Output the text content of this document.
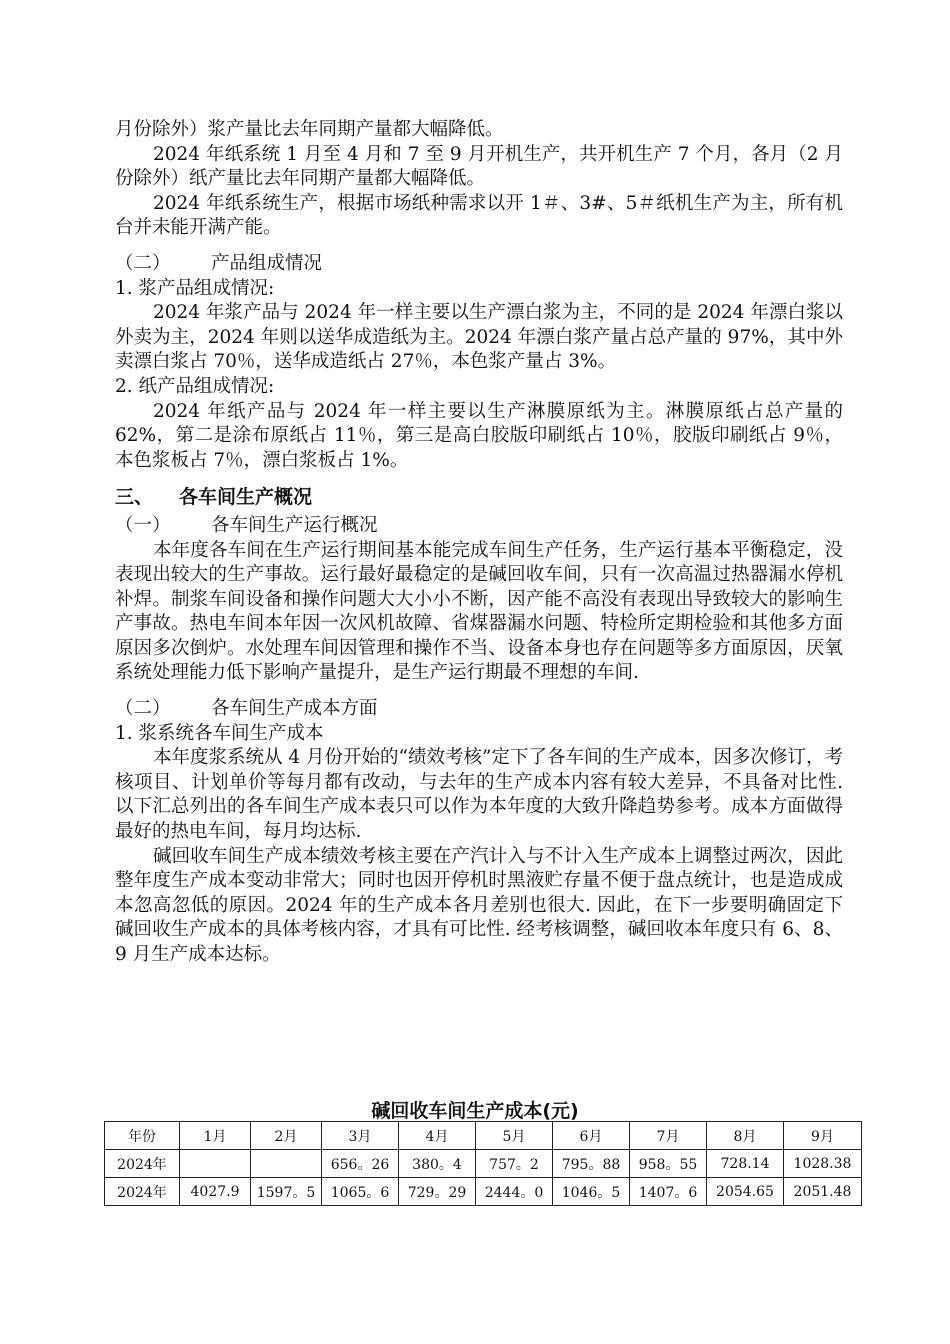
月份除外）浆产量比去年同期产量都大幅降低。

2024 年纸系统 1 月至 4 月和 7 至 9 月开机生产，共开机生产 7 个月，各月（2 月份除外）纸产量比去年同期产量都大幅降低。

2024 年纸系统生产，根据市场纸种需求以开 1＃、3#、5＃纸机生产为主，所有机台并未能开满产能。

（二） 产品组成情况

1. 浆产品组成情况:

2024 年浆产品与 2024 年一样主要以生产漂白浆为主，不同的是 2024 年漂白浆以外卖为主，2024 年则以送华成造纸为主。2024 年漂白浆产量占总产量的 97%，其中外卖漂白浆占 70％，送华成造纸占 27％，本色浆产量占 3%。

2. 纸产品组成情况:

2024 年纸产品与 2024 年一样主要以生产淋膜原纸为主。淋膜原纸占总产量的 62%，第二是涂布原纸占 11％，第三是高白胶版印刷纸占 10％，胶版印刷纸占 9％，本色浆板占 7％，漂白浆板占 1%。

三、 各车间生产概况

（一） 各车间生产运行概况

本年度各车间在生产运行期间基本能完成车间生产任务，生产运行基本平衡稳定，没表现出较大的生产事故。运行最好最稳定的是碱回收车间，只有一次高温过热器漏水停机补焊。制浆车间设备和操作问题大大小小不断，因产能不高没有表现出导致较大的影响生产事故。热电车间本年因一次风机故障、省煤器漏水问题、特检所定期检验和其他多方面原因多次倒炉。水处理车间因管理和操作不当、设备本身也存在问题等多方面原因，厌氧系统处理能力低下影响产量提升，是生产运行期最不理想的车间.

（二） 各车间生产成本方面

1. 浆系统各车间生产成本

本年度浆系统从 4 月份开始的“绩效考核”定下了各车间的生产成本，因多次修订，考核项目、计划单价等每月都有改动，与去年的生产成本内容有较大差异，不具备对比性. 以下汇总列出的各车间生产成本表只可以作为本年度的大致升降趋势参考。成本方面做得最好的热电车间，每月均达标.

碱回收车间生产成本绩效考核主要在产汽计入与不计入生产成本上调整过两次，因此整年度生产成本变动非常大；同时也因开停机时黑液贮存量不便于盘点统计，也是造成成本忽高忽低的原因。2024 年的生产成本各月差别也很大. 因此，在下一步要明确固定下碱回收生产成本的具体考核内容，才具有可比性. 经考核调整，碱回收本年度只有 6、8、9 月生产成本达标。

碱回收车间生产成本(元)
年份	1月	2月	3月	4月	5月	6月	7月	8月	9月
2024年			656。26	380。4	757。2	795。88	958。55	728.14	1028.38
2024年	4027.9	1597。5	1065。6	729。29	2444。0	1046。5	1407。6	2054.65	2051.48
